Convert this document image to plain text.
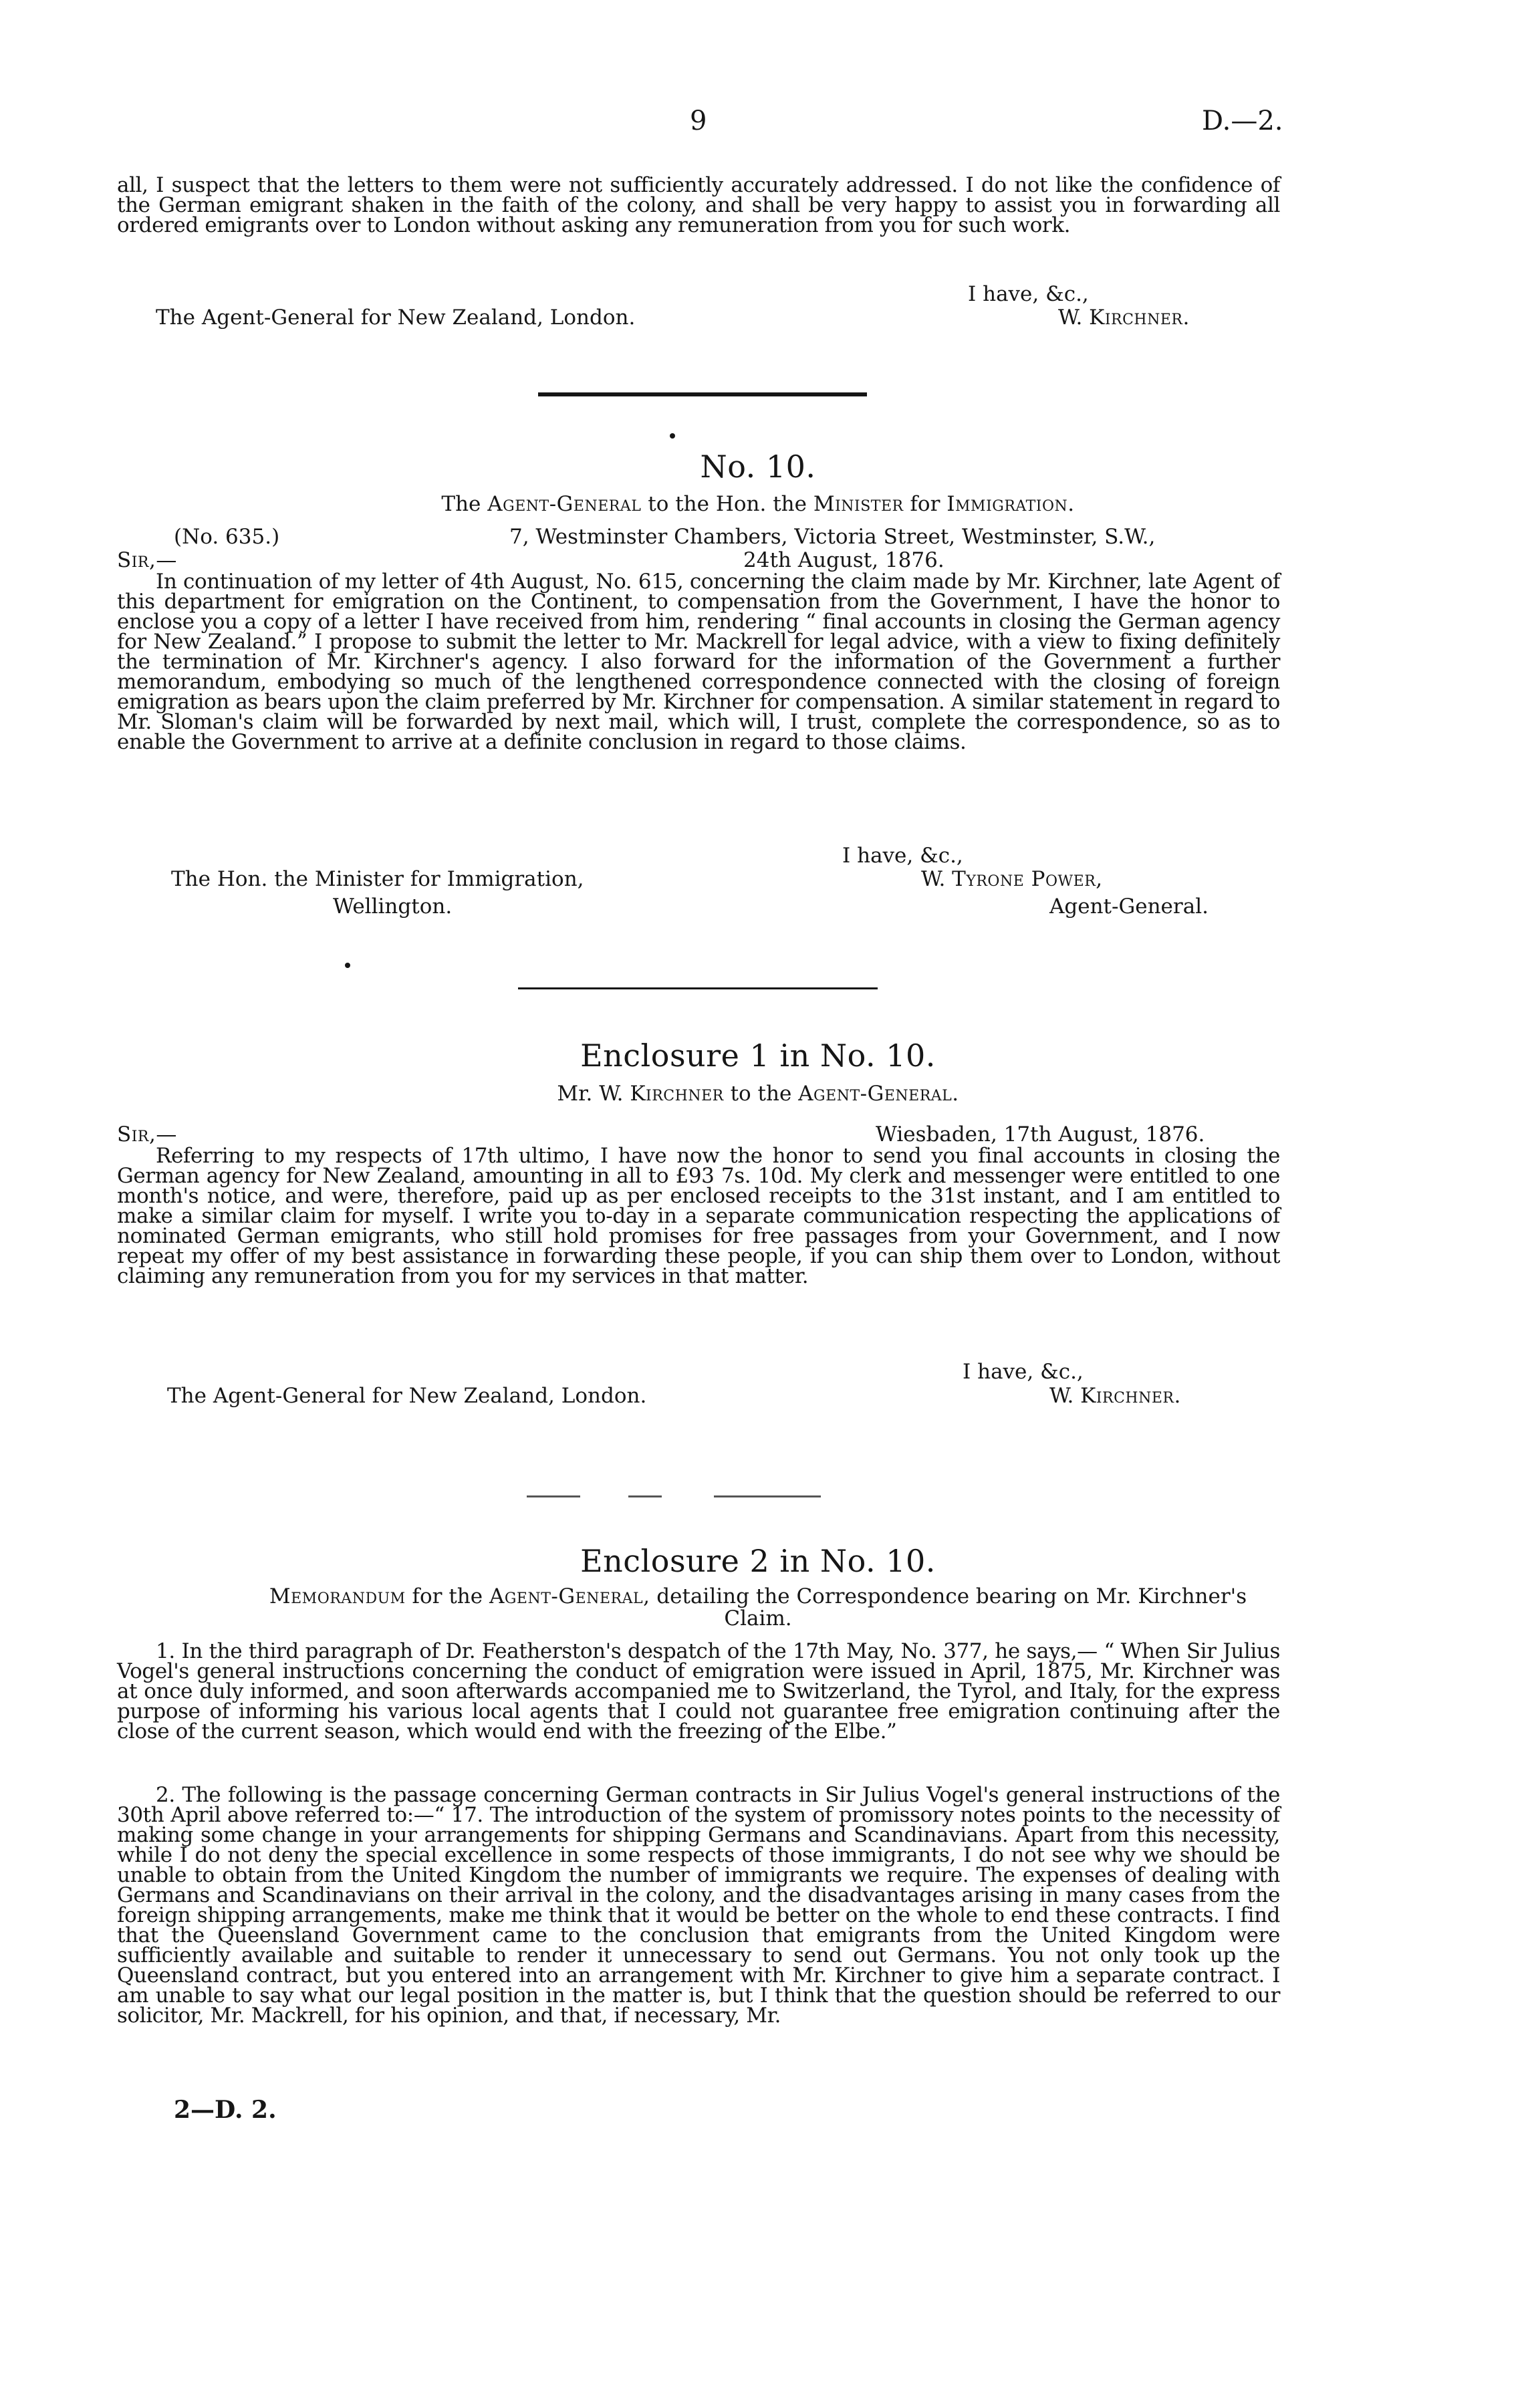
9	D.—2.
all, I suspect that the letters to them were not sufficiently accurately addressed. I do not like the confidence of the German emigrant shaken in the faith of the colony, and shall be very happy to assist you in forwarding all ordered emigrants over to London without asking any remuneration from you for such work.
I have, &c.,
The Agent-General for New Zealand, London.	W. Kirchner.
No. 10.
The Agent-General to the Hon. the Minister for Immigration.
(No. 635.)	7, Westminster Chambers, Victoria Street, Westminster, S.W.,
Sir,—	24th August, 1876.
In continuation of my letter of 4th August, No. 615, concerning the claim made by Mr. Kirchner, late Agent of this department for emigration on the Continent, to compensation from the Government, I have the honor to enclose you a copy of a letter I have received from him, rendering “ final accounts in closing the German agency for New Zealand.” I propose to submit the letter to Mr. Mackrell for legal advice, with a view to fixing definitely the termination of Mr. Kirchner's agency. I also forward for the information of the Government a further memorandum, embodying so much of the lengthened correspondence connected with the closing of foreign emigration as bears upon the claim preferred by Mr. Kirchner for compensation. A similar statement in regard to Mr. Sloman's claim will be forwarded by next mail, which will, I trust, complete the correspondence, so as to enable the Government to arrive at a definite conclusion in regard to those claims.
I have, &c.,
The Hon. the Minister for Immigration,	W. Tyrone Power,
Wellington.	Agent-General.
Enclosure 1 in No. 10.
Mr. W. Kirchner to the Agent-General.
Sir,—	Wiesbaden, 17th August, 1876.
Referring to my respects of 17th ultimo, I have now the honor to send you final accounts in closing the German agency for New Zealand, amounting in all to £93 7s. 10d. My clerk and messenger were entitled to one month's notice, and were, therefore, paid up as per enclosed receipts to the 31st instant, and I am entitled to make a similar claim for myself. I write you to-day in a separate communication respecting the applications of nominated German emigrants, who still hold promises for free passages from your Government, and I now repeat my offer of my best assistance in forwarding these people, if you can ship them over to London, without claiming any remuneration from you for my services in that matter.
I have, &c.,
The Agent-General for New Zealand, London.	W. Kirchner.
Enclosure 2 in No. 10.
Memorandum for the Agent-General, detailing the Correspondence bearing on Mr. Kirchner's
Claim.
1. In the third paragraph of Dr. Featherston's despatch of the 17th May, No. 377, he says,— “ When Sir Julius Vogel's general instructions concerning the conduct of emigration were issued in April, 1875, Mr. Kirchner was at once duly informed, and soon afterwards accompanied me to Switzerland, the Tyrol, and Italy, for the express purpose of informing his various local agents that I could not guarantee free emigration continuing after the close of the current season, which would end with the freezing of the Elbe.”
2. The following is the passage concerning German contracts in Sir Julius Vogel's general instructions of the 30th April above referred to:—“ 17. The introduction of the system of promissory notes points to the necessity of making some change in your arrangements for shipping Germans and Scandinavians. Apart from this necessity, while I do not deny the special excellence in some respects of those immigrants, I do not see why we should be unable to obtain from the United Kingdom the number of immigrants we require. The expenses of dealing with Germans and Scandinavians on their arrival in the colony, and the disadvantages arising in many cases from the foreign shipping arrangements, make me think that it would be better on the whole to end these contracts. I find that the Queensland Government came to the conclusion that emigrants from the United Kingdom were sufficiently available and suitable to render it unnecessary to send out Germans. You not only took up the Queensland contract, but you entered into an arrangement with Mr. Kirchner to give him a separate contract. I am unable to say what our legal position in the matter is, but I think that the question should be referred to our solicitor, Mr. Mackrell, for his opinion, and that, if necessary, Mr.
2—D. 2.
